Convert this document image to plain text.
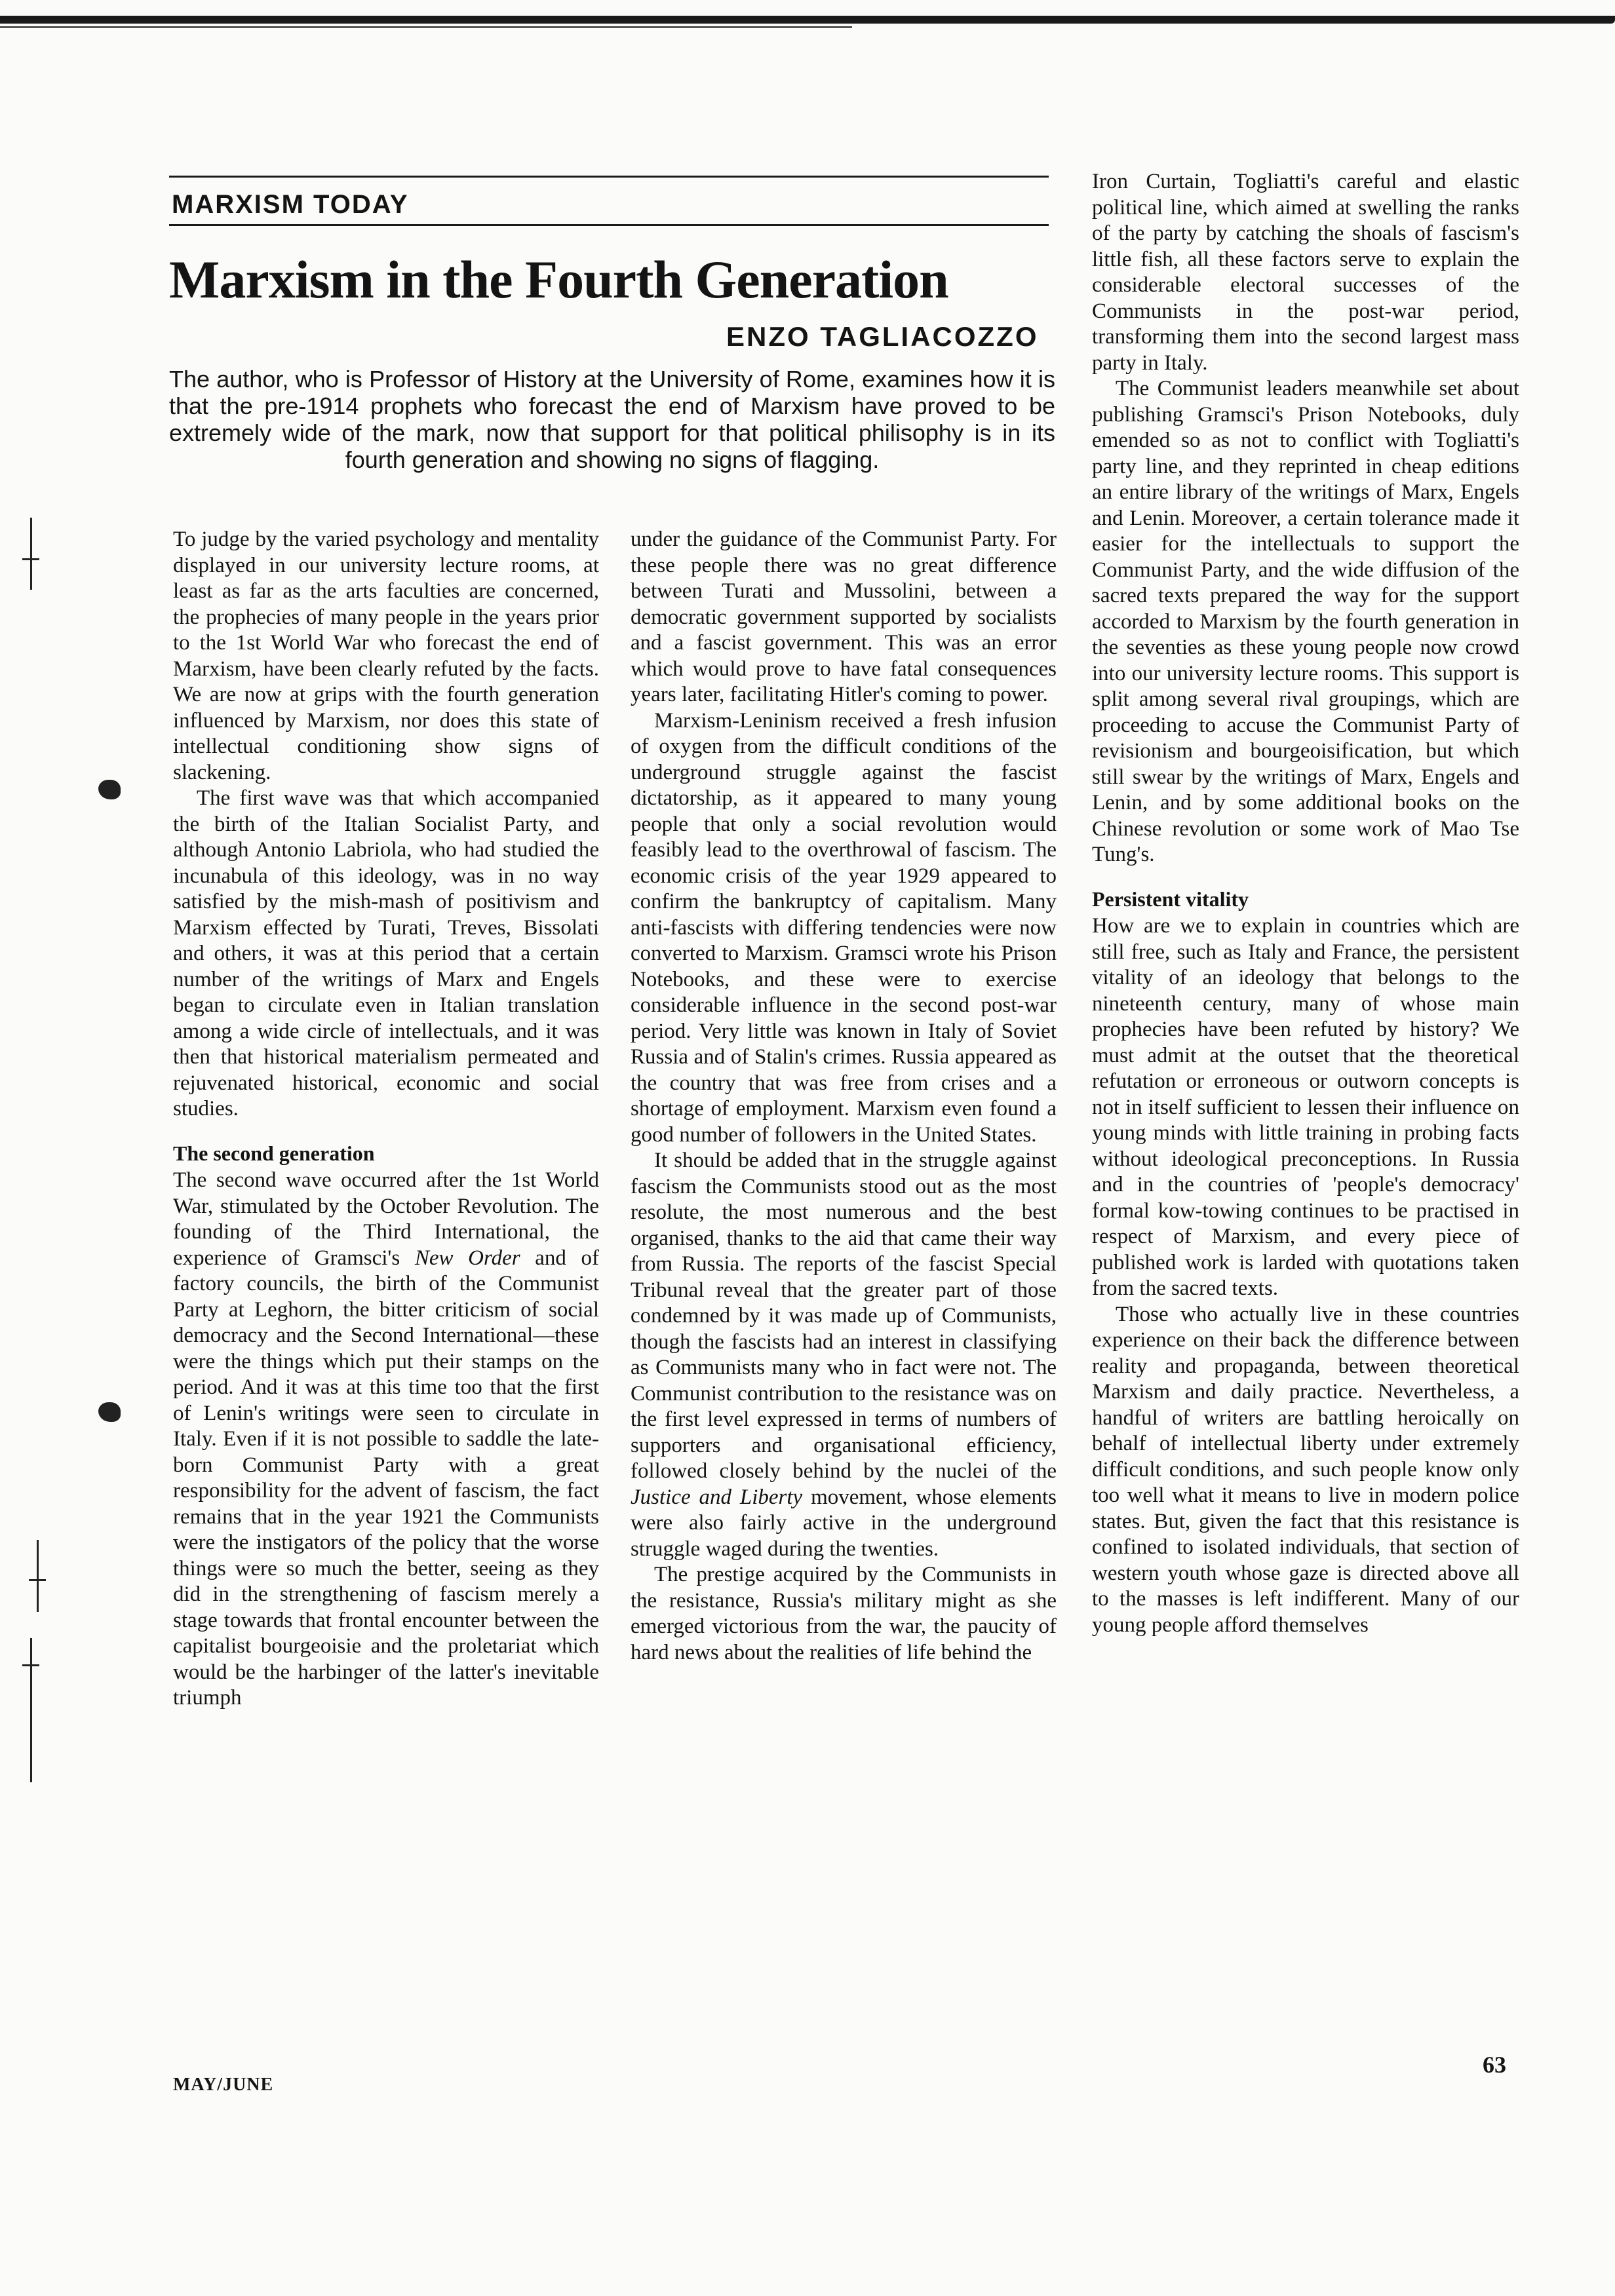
MARXISM TODAY
Marxism in the Fourth Generation
ENZO TAGLIACOZZO
The author, who is Professor of History at the University of Rome, examines how it is that the pre-1914 prophets who forecast the end of Marxism have proved to be extremely wide of the mark, now that support for that political philisophy is in its fourth generation and showing no signs of flagging.

To judge by the varied psychology and mentality displayed in our university lecture rooms, at least as far as the arts faculties are concerned, the prophecies of many people in the years prior to the 1st World War who forecast the end of Marxism, have been clearly refuted by the facts. We are now at grips with the fourth generation influenced by Marxism, nor does this state of intellectual conditioning show signs of slackening.

The first wave was that which accompanied the birth of the Italian Socialist Party, and although Antonio Labriola, who had studied the incunabula of this ideology, was in no way satisfied by the mish-mash of positivism and Marxism effected by Turati, Treves, Bissolati and others, it was at this period that a certain number of the writings of Marx and Engels began to circulate even in Italian translation among a wide circle of intellectuals, and it was then that historical materialism permeated and rejuvenated historical, economic and social studies.

The second generation

The second wave occurred after the 1st World War, stimulated by the October Revolution. The founding of the Third International, the experience of Gramsci's New Order and of factory councils, the birth of the Communist Party at Leghorn, the bitter criticism of social democracy and the Second International—these were the things which put their stamps on the period. And it was at this time too that the first of Lenin's writings were seen to circulate in Italy. Even if it is not possible to saddle the late-born Communist Party with a great responsibility for the advent of fascism, the fact remains that in the year 1921 the Communists were the instigators of the policy that the worse things were so much the better, seeing as they did in the strengthening of fascism merely a stage towards that frontal encounter between the capitalist bourgeoisie and the proletariat which would be the harbinger of the latter's inevitable triumph

under the guidance of the Communist Party. For these people there was no great difference between Turati and Mussolini, between a democratic government supported by socialists and a fascist government. This was an error which would prove to have fatal consequences years later, facilitating Hitler's coming to power.

Marxism-Leninism received a fresh infusion of oxygen from the difficult conditions of the underground struggle against the fascist dictatorship, as it appeared to many young people that only a social revolution would feasibly lead to the overthrowal of fascism. The economic crisis of the year 1929 appeared to confirm the bankruptcy of capitalism. Many anti-fascists with differing tendencies were now converted to Marxism. Gramsci wrote his Prison Notebooks, and these were to exercise considerable influence in the second post-war period. Very little was known in Italy of Soviet Russia and of Stalin's crimes. Russia appeared as the country that was free from crises and a shortage of employment. Marxism even found a good number of followers in the United States.

It should be added that in the struggle against fascism the Communists stood out as the most resolute, the most numerous and the best organised, thanks to the aid that came their way from Russia. The reports of the fascist Special Tribunal reveal that the greater part of those condemned by it was made up of Communists, though the fascists had an interest in classifying as Communists many who in fact were not. The Communist contribution to the resistance was on the first level expressed in terms of numbers of supporters and organisational efficiency, followed closely behind by the nuclei of the Justice and Liberty movement, whose elements were also fairly active in the underground struggle waged during the twenties.

The prestige acquired by the Communists in the resistance, Russia's military might as she emerged victorious from the war, the paucity of hard news about the realities of life behind the

Iron Curtain, Togliatti's careful and elastic political line, which aimed at swelling the ranks of the party by catching the shoals of fascism's little fish, all these factors serve to explain the considerable electoral successes of the Communists in the post-war period, transforming them into the second largest mass party in Italy.

The Communist leaders meanwhile set about publishing Gramsci's Prison Notebooks, duly emended so as not to conflict with Togliatti's party line, and they reprinted in cheap editions an entire library of the writings of Marx, Engels and Lenin. Moreover, a certain tolerance made it easier for the intellectuals to support the Communist Party, and the wide diffusion of the sacred texts prepared the way for the support accorded to Marxism by the fourth generation in the seventies as these young people now crowd into our university lecture rooms. This support is split among several rival groupings, which are proceeding to accuse the Communist Party of revisionism and bourgeoisification, but which still swear by the writings of Marx, Engels and Lenin, and by some additional books on the Chinese revolution or some work of Mao Tse Tung's.

Persistent vitality

How are we to explain in countries which are still free, such as Italy and France, the persistent vitality of an ideology that belongs to the nineteenth century, many of whose main prophecies have been refuted by history? We must admit at the outset that the theoretical refutation or erroneous or outworn concepts is not in itself sufficient to lessen their influence on young minds with little training in probing facts without ideological preconceptions. In Russia and in the countries of 'people's democracy' formal kow-towing continues to be practised in respect of Marxism, and every piece of published work is larded with quotations taken from the sacred texts.

Those who actually live in these countries experience on their back the difference between reality and propaganda, between theoretical Marxism and daily practice. Nevertheless, a handful of writers are battling heroically on behalf of intellectual liberty under extremely difficult conditions, and such people know only too well what it means to live in modern police states. But, given the fact that this resistance is confined to isolated individuals, that section of western youth whose gaze is directed above all to the masses is left indifferent. Many of our young people afford themselves

MAY/JUNE
63
